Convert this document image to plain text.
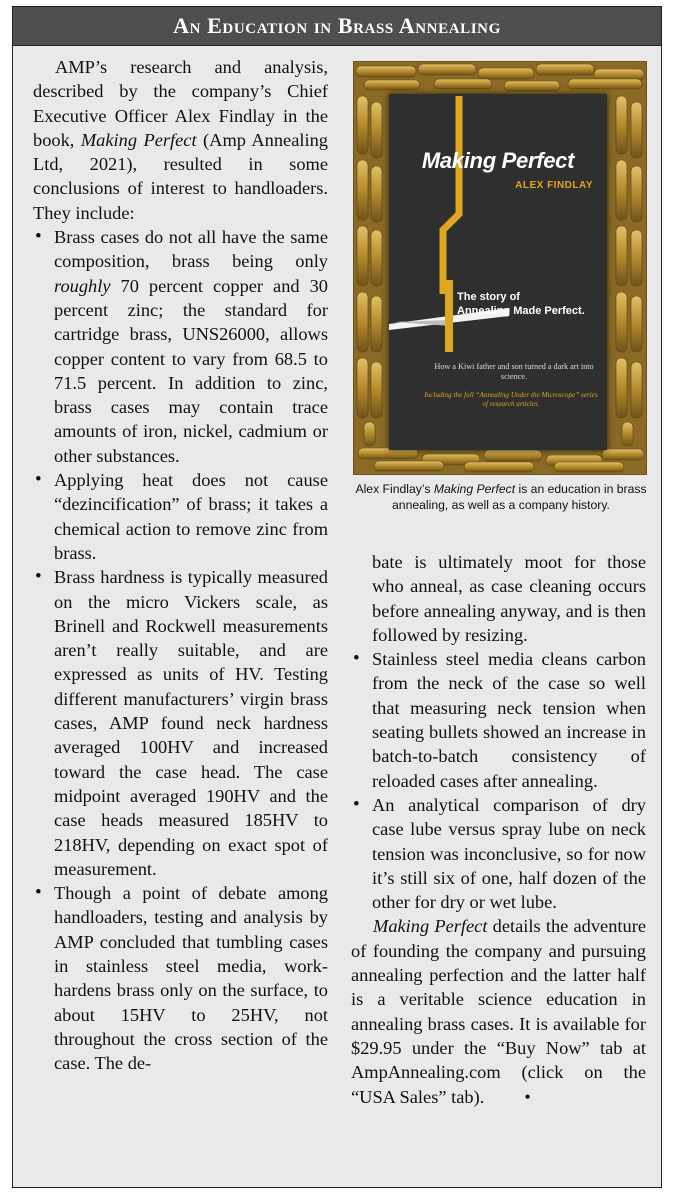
An Education in Brass Annealing

AMP’s research and analysis, described by the company’s Chief Executive Officer Alex Findlay in the book, Making Perfect (Amp Annealing Ltd, 2021), resulted in some conclusions of interest to handloaders. They include:

• Brass cases do not all have the same composition, brass being only roughly 70 percent copper and 30 percent zinc; the standard for cartridge brass, UNS26000, allows copper content to vary from 68.5 to 71.5 percent. In addition to zinc, brass cases may contain trace amounts of iron, nickel, cadmium or other substances.
• Applying heat does not cause “dezincification” of brass; it takes a chemical action to remove zinc from brass.
• Brass hardness is typically measured on the micro Vickers scale, as Brinell and Rockwell measurements aren’t really suitable, and are expressed as units of HV. Testing different manufacturers’ virgin brass cases, AMP found neck hardness averaged 100HV and increased toward the case head. The case midpoint averaged 190HV and the case heads measured 185HV to 218HV, depending on exact spot of measurement.
• Though a point of debate among handloaders, testing and analysis by AMP concluded that tumbling cases in stainless steel media, work-hardens brass only on the surface, to about 15HV to 25HV, not throughout the cross section of the case. The de-
Making Perfect
ALEX FINDLAY
The story of
Annealing Made Perfect.
How a Kiwi father and son turned a dark art into science.
Including the full “Annealing Under the Microscope” series of research articles.
Alex Findlay’s Making Perfect is an education in brass annealing, as well as a company history.

bate is ultimately moot for those who anneal, as case cleaning occurs before annealing anyway, and is then followed by resizing.

• Stainless steel media cleans carbon from the neck of the case so well that measuring neck tension when seating bullets showed an increase in batch-to-batch consistency of reloaded cases after annealing.
• An analytical comparison of dry case lube versus spray lube on neck tension was inconclusive, so for now it’s still six of one, half dozen of the other for dry or wet lube.

Making Perfect details the adventure of founding the company and pursuing annealing perfection and the latter half is a veritable science education in annealing brass cases. It is available for $29.95 under the “Buy Now” tab at AmpAnnealing.com (click on the “USA Sales” tab). •
